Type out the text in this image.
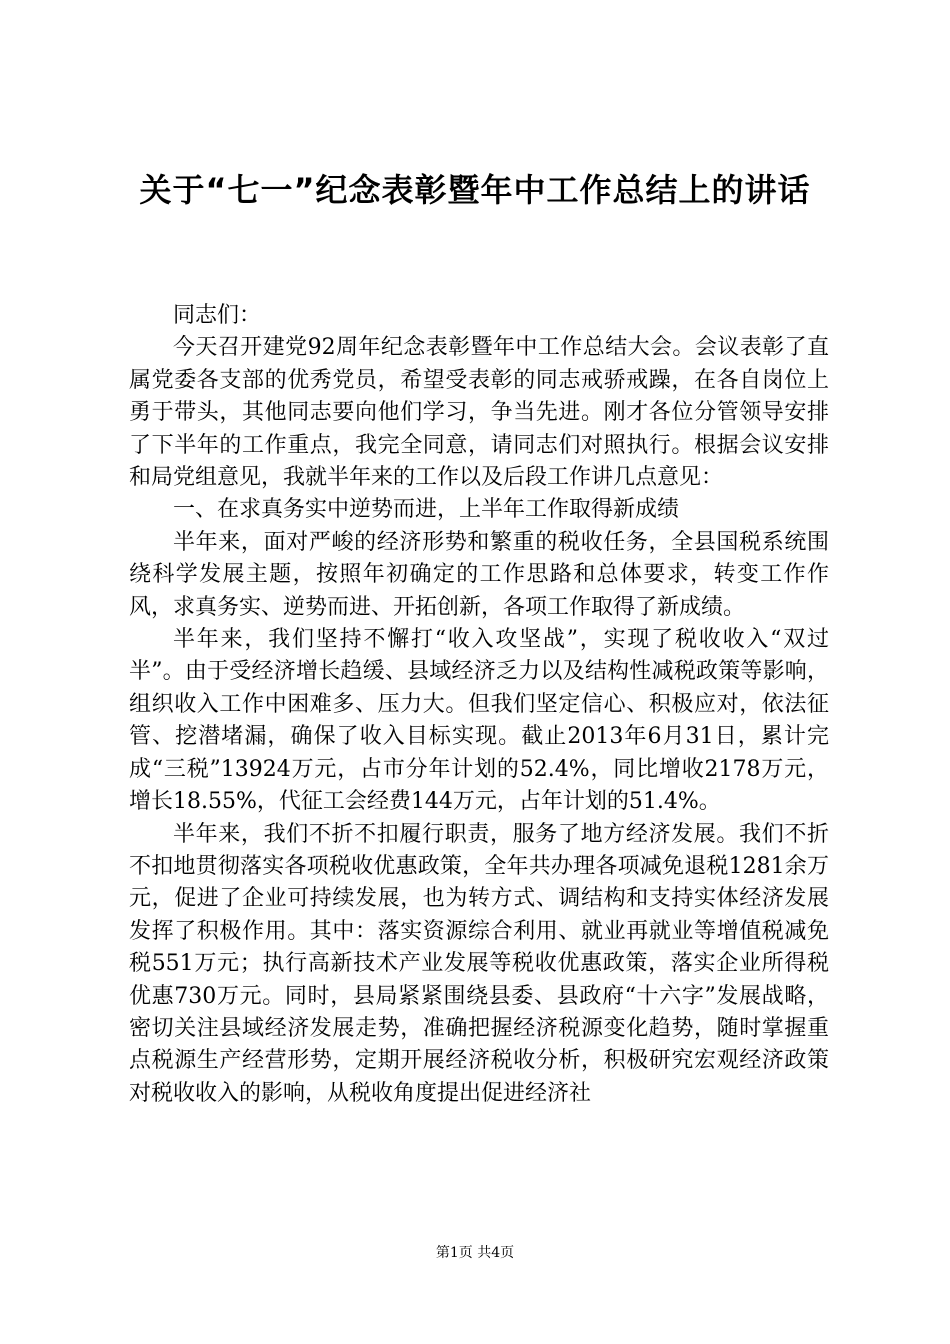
关于“七一”纪念表彰暨年中工作总结上的讲话

同志们：

今天召开建党92周年纪念表彰暨年中工作总结大会。会议表彰了直属党委各支部的优秀党员，希望受表彰的同志戒骄戒躁，在各自岗位上勇于带头，其他同志要向他们学习，争当先进。刚才各位分管领导安排了下半年的工作重点，我完全同意，请同志们对照执行。根据会议安排和局党组意见，我就半年来的工作以及后段工作讲几点意见：

一、在求真务实中逆势而进，上半年工作取得新成绩

半年来，面对严峻的经济形势和繁重的税收任务，全县国税系统围绕科学发展主题，按照年初确定的工作思路和总体要求，转变工作作风，求真务实、逆势而进、开拓创新，各项工作取得了新成绩。

半年来，我们坚持不懈打“收入攻坚战”，实现了税收收入“双过半”。由于受经济增长趋缓、县域经济乏力以及结构性减税政策等影响，组织收入工作中困难多、压力大。但我们坚定信心、积极应对，依法征管、挖潜堵漏，确保了收入目标实现。截止2013年6月31日，累计完成“三税”13924万元，占市分年计划的52.4%，同比增收2178万元，增长18.55%，代征工会经费144万元，占年计划的51.4%。

半年来，我们不折不扣履行职责，服务了地方经济发展。我们不折不扣地贯彻落实各项税收优惠政策，全年共办理各项减免退税1281余万元，促进了企业可持续发展，也为转方式、调结构和支持实体经济发展发挥了积极作用。其中：落实资源综合利用、就业再就业等增值税减免税551万元；执行高新技术产业发展等税收优惠政策，落实企业所得税优惠730万元。同时，县局紧紧围绕县委、县政府“十六字”发展战略，密切关注县域经济发展走势，准确把握经济税源变化趋势，随时掌握重点税源生产经营形势，定期开展经济税收分析，积极研究宏观经济政策对税收收入的影响，从税收角度提出促进经济社

第1页 共4页
